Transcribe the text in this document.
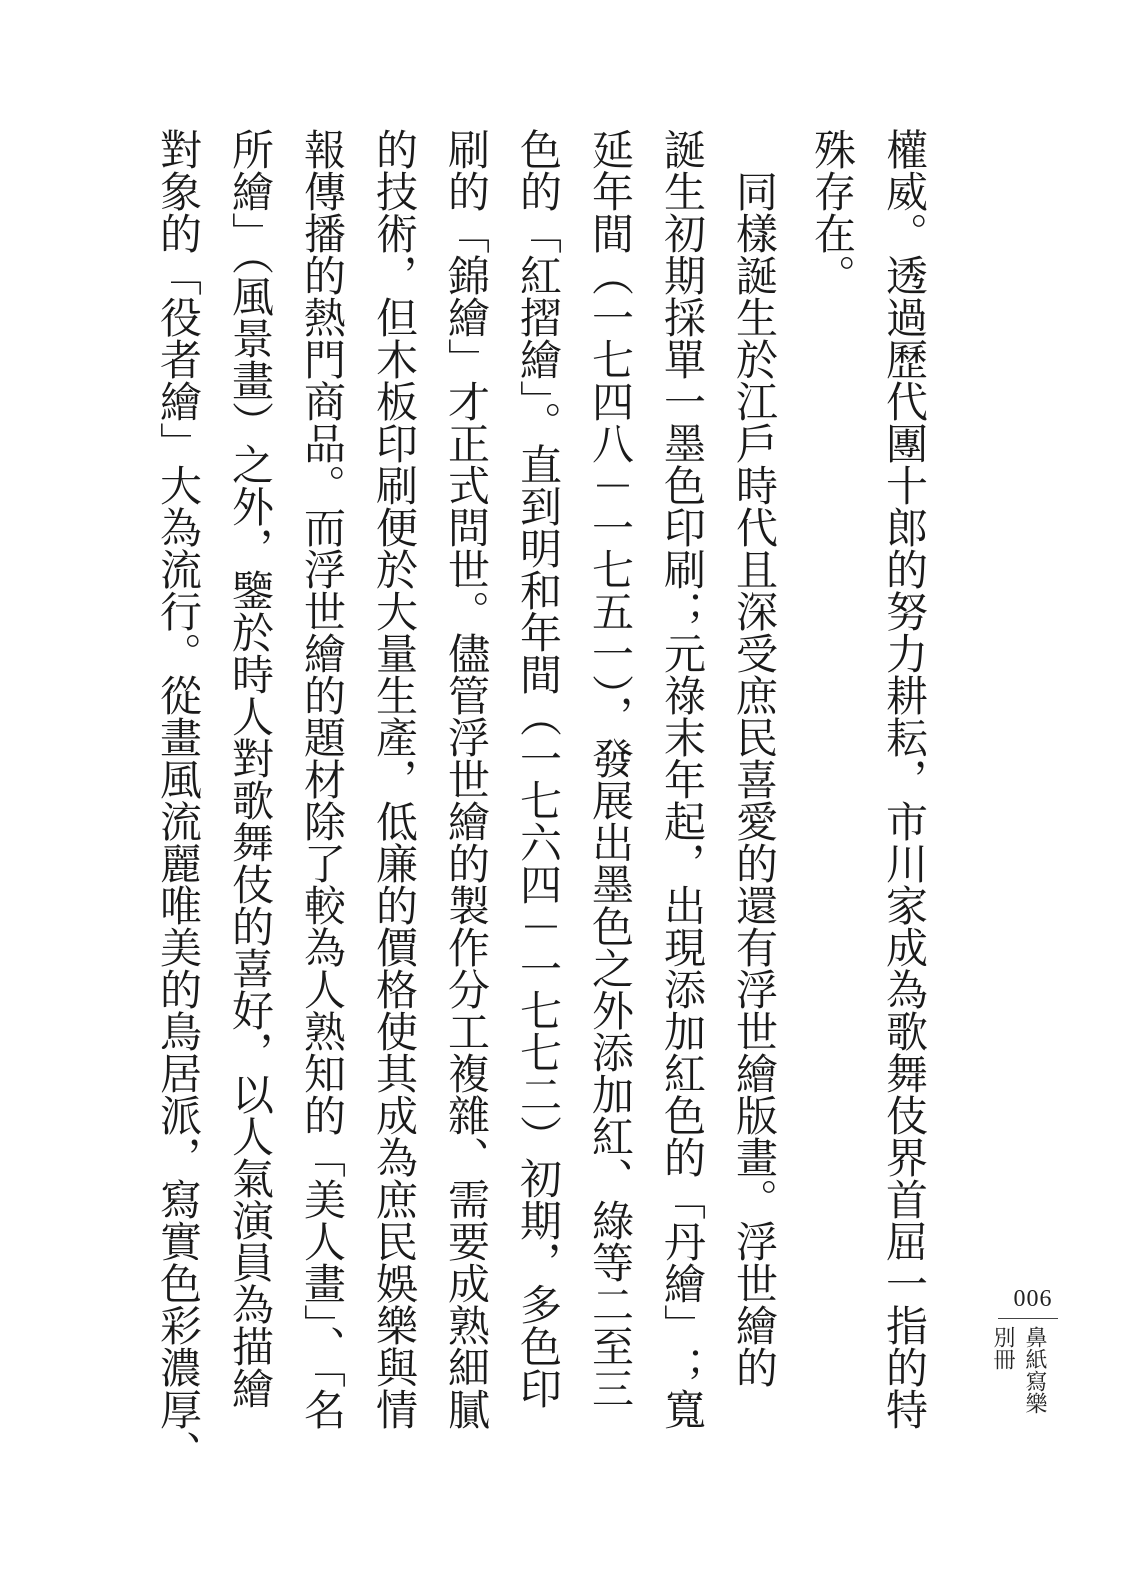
權威。透過歷代團十郎的努力耕耘，市川家成為歌舞伎界首屈一指的特
殊存在。
　同樣誕生於江戶時代且深受庶民喜愛的還有浮世繪版畫。浮世繪的
誕生初期採單一墨色印刷；元祿末年起，出現添加紅色的「丹繪」；寬
延年間（一七四八－一七五一），發展出墨色之外添加紅、綠等二至三
色的「紅摺繪」。直到明和年間（一七六四－一七七二）初期，多色印
刷的「錦繪」才正式問世。儘管浮世繪的製作分工複雜、需要成熟細膩
的技術，但木板印刷便於大量生產，低廉的價格使其成為庶民娛樂與情
報傳播的熱門商品。而浮世繪的題材除了較為人熟知的「美人畫」、「名
所繪」（風景畫）之外，鑒於時人對歌舞伎的喜好，以人氣演員為描繪
對象的「役者繪」大為流行。從畫風流麗唯美的鳥居派，寫實色彩濃厚、	006
鼻紙寫樂
別冊
